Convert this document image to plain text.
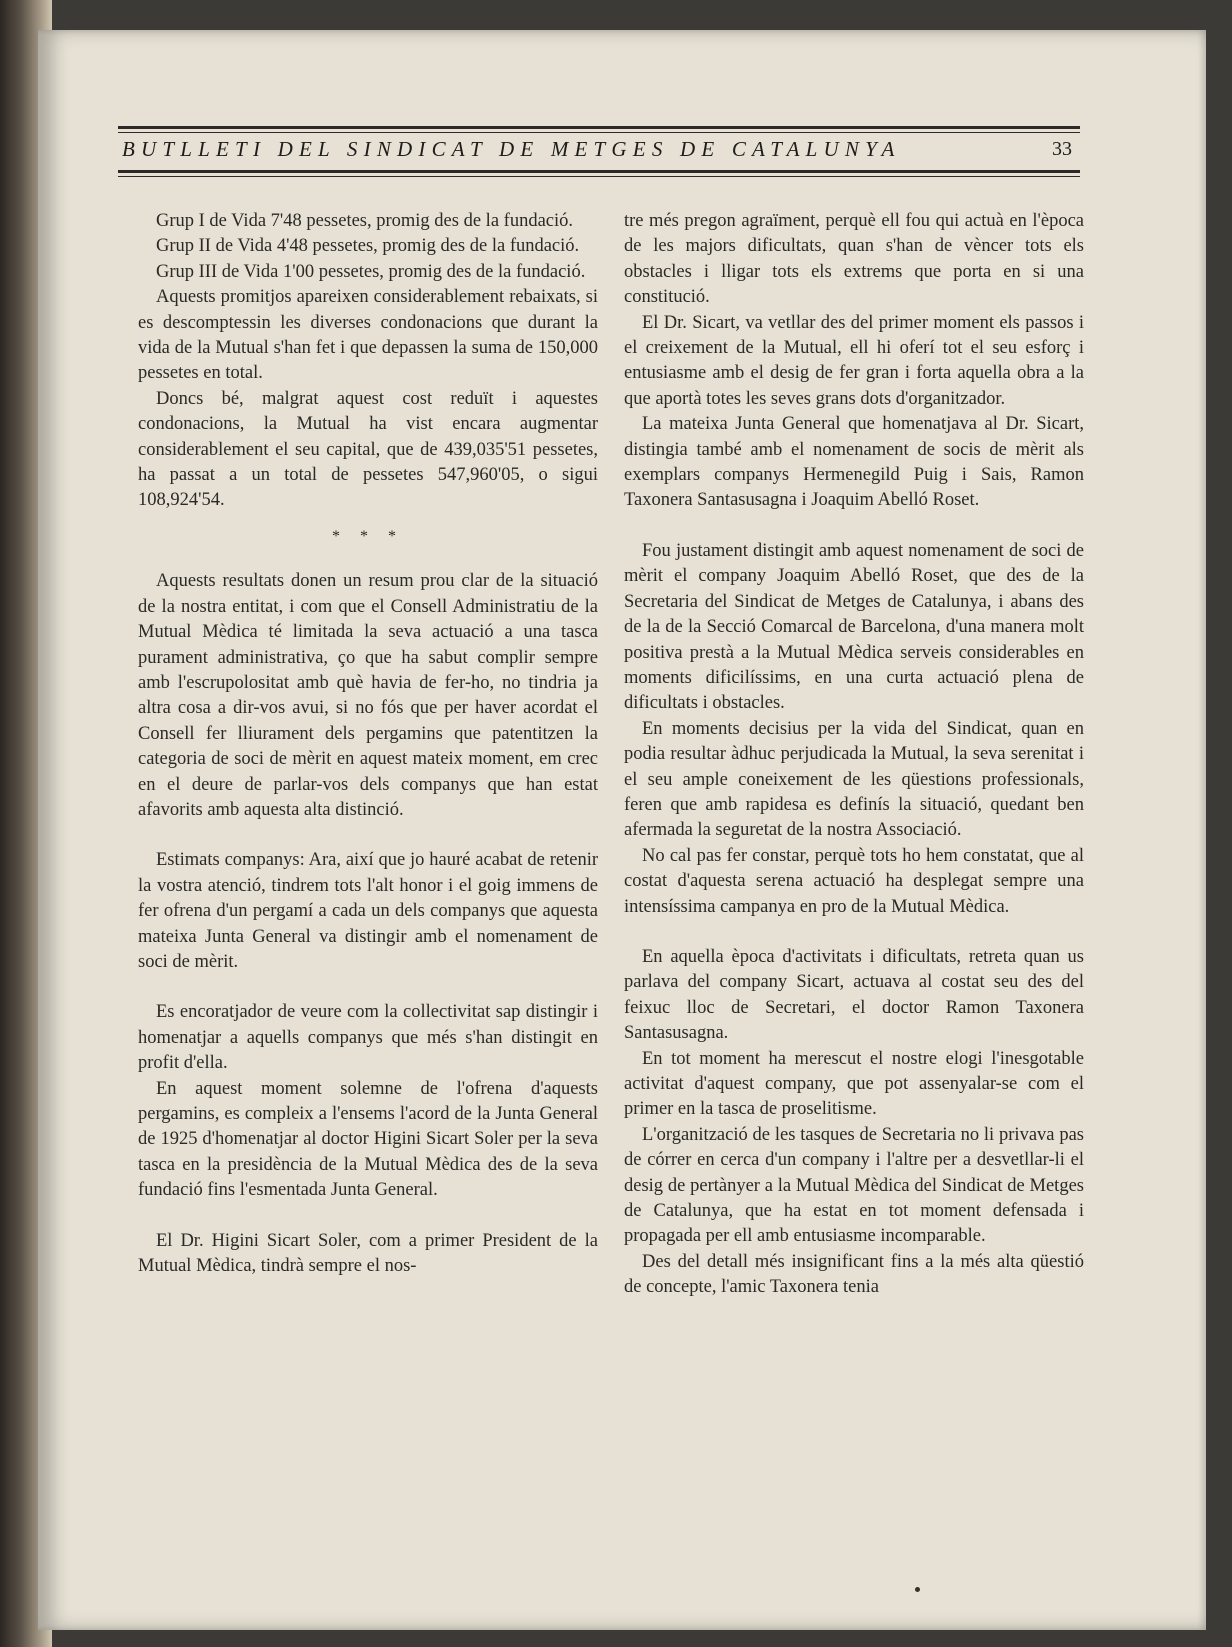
BUTLLETI DEL SINDICAT DE METGES DE CATALUNYA	33

Grup I de Vida 7'48 pessetes, promig des de la fundació.

Grup II de Vida 4'48 pessetes, promig des de la fundació.

Grup III de Vida 1'00 pessetes, promig des de la fundació.

Aquests promitjos apareixen considerablement rebaixats, si es descomptessin les diverses condonacions que durant la vida de la Mutual s'han fet i que depassen la suma de 150,000 pessetes en total.

Doncs bé, malgrat aquest cost reduït i aquestes condonacions, la Mutual ha vist encara augmentar considerablement el seu capital, que de 439,035'51 pessetes, ha passat a un total de pessetes 547,960'05, o sigui 108,924'54.

* * *

Aquests resultats donen un resum prou clar de la situació de la nostra entitat, i com que el Consell Administratiu de la Mutual Mèdica té limitada la seva actuació a una tasca purament administrativa, ço que ha sabut complir sempre amb l'escrupolositat amb què havia de fer-ho, no tindria ja altra cosa a dir-vos avui, si no fós que per haver acordat el Consell fer lliurament dels pergamins que patentitzen la categoria de soci de mèrit en aquest mateix moment, em crec en el deure de parlar-vos dels companys que han estat afavorits amb aquesta alta distinció.

Estimats companys: Ara, així que jo hauré acabat de retenir la vostra atenció, tindrem tots l'alt honor i el goig immens de fer ofrena d'un pergamí a cada un dels companys que aquesta mateixa Junta General va distingir amb el nomenament de soci de mèrit.

Es encoratjador de veure com la collectivitat sap distingir i homenatjar a aquells companys que més s'han distingit en profit d'ella.

En aquest moment solemne de l'ofrena d'aquests pergamins, es compleix a l'ensems l'acord de la Junta General de 1925 d'homenatjar al doctor Higini Sicart Soler per la seva tasca en la presidència de la Mutual Mèdica des de la seva fundació fins l'esmentada Junta General.

El Dr. Higini Sicart Soler, com a primer President de la Mutual Mèdica, tindrà sempre el nos-

tre més pregon agraïment, perquè ell fou qui actuà en l'època de les majors dificultats, quan s'han de vèncer tots els obstacles i lligar tots els extrems que porta en si una constitució.

El Dr. Sicart, va vetllar des del primer moment els passos i el creixement de la Mutual, ell hi oferí tot el seu esforç i entusiasme amb el desig de fer gran i forta aquella obra a la que aportà totes les seves grans dots d'organitzador.

La mateixa Junta General que homenatjava al Dr. Sicart, distingia també amb el nomenament de socis de mèrit als exemplars companys Hermenegild Puig i Sais, Ramon Taxonera Santasusagna i Joaquim Abelló Roset.

Fou justament distingit amb aquest nomenament de soci de mèrit el company Joaquim Abelló Roset, que des de la Secretaria del Sindicat de Metges de Catalunya, i abans des de la de la Secció Comarcal de Barcelona, d'una manera molt positiva prestà a la Mutual Mèdica serveis considerables en moments dificilíssims, en una curta actuació plena de dificultats i obstacles.

En moments decisius per la vida del Sindicat, quan en podia resultar àdhuc perjudicada la Mutual, la seva serenitat i el seu ample coneixement de les qüestions professionals, feren que amb rapidesa es definís la situació, quedant ben afermada la seguretat de la nostra Associació.

No cal pas fer constar, perquè tots ho hem constatat, que al costat d'aquesta serena actuació ha desplegat sempre una intensíssima campanya en pro de la Mutual Mèdica.

En aquella època d'activitats i dificultats, retreta quan us parlava del company Sicart, actuava al costat seu des del feixuc lloc de Secretari, el doctor Ramon Taxonera Santasusagna.

En tot moment ha merescut el nostre elogi l'inesgotable activitat d'aquest company, que pot assenyalar-se com el primer en la tasca de proselitisme.

L'organització de les tasques de Secretaria no li privava pas de córrer en cerca d'un company i l'altre per a desvetllar-li el desig de pertànyer a la Mutual Mèdica del Sindicat de Metges de Catalunya, que ha estat en tot moment defensada i propagada per ell amb entusiasme incomparable.

Des del detall més insignificant fins a la més alta qüestió de concepte, l'amic Taxonera tenia
